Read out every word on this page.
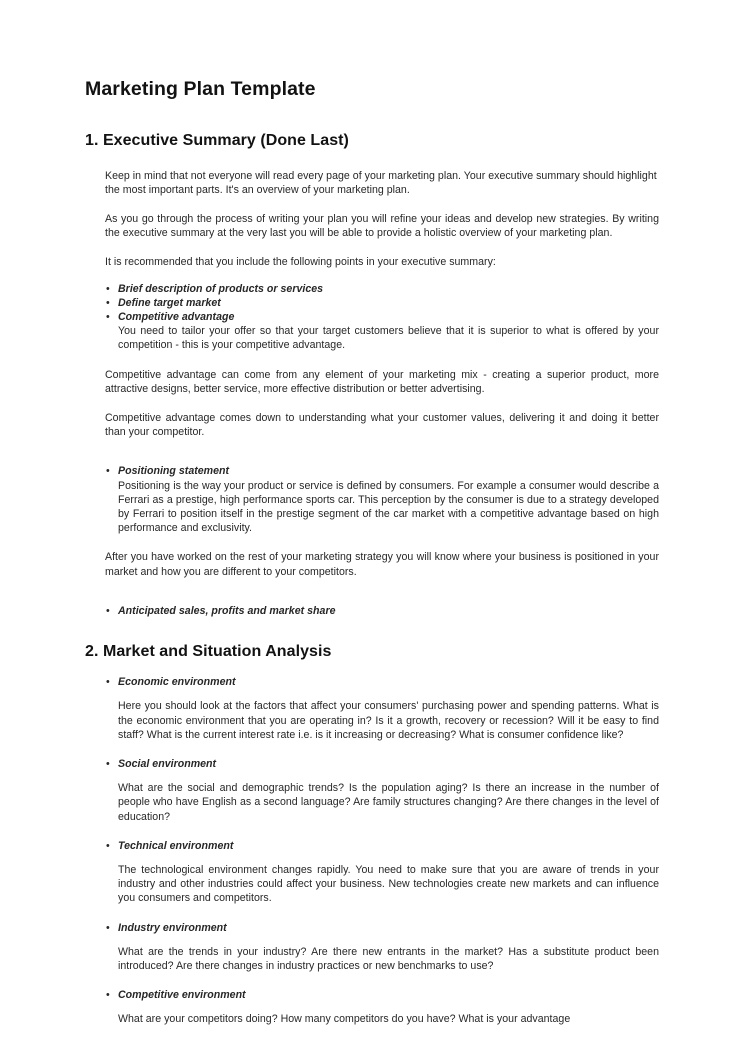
Marketing Plan Template
1. Executive Summary (Done Last)

Keep in mind that not everyone will read every page of your marketing plan. Your executive summary should highlight the most important parts. It's an overview of your marketing plan.

As you go through the process of writing your plan you will refine your ideas and develop new strategies. By writing the executive summary at the very last you will be able to provide a holistic overview of your marketing plan.

It is recommended that you include the following points in your executive summary:

• Brief description of products or services
• Define target market
• Competitive advantage
You need to tailor your offer so that your target customers believe that it is superior to what is offered by your competition - this is your competitive advantage.

Competitive advantage can come from any element of your marketing mix - creating a superior product, more attractive designs, better service, more effective distribution or better advertising.

Competitive advantage comes down to understanding what your customer values, delivering it and doing it better than your competitor.

• Positioning statement
Positioning is the way your product or service is defined by consumers. For example a consumer would describe a Ferrari as a prestige, high performance sports car. This perception by the consumer is due to a strategy developed by Ferrari to position itself in the prestige segment of the car market with a competitive advantage based on high performance and exclusivity.

After you have worked on the rest of your marketing strategy you will know where your business is positioned in your market and how you are different to your competitors.

• Anticipated sales, profits and market share
2. Market and Situation Analysis
• Economic environment

Here you should look at the factors that affect your consumers' purchasing power and spending patterns. What is the economic environment that you are operating in? Is it a growth, recovery or recession? Will it be easy to find staff? What is the current interest rate i.e. is it increasing or decreasing? What is consumer confidence like?

• Social environment

What are the social and demographic trends? Is the population aging? Is there an increase in the number of people who have English as a second language? Are family structures changing? Are there changes in the level of education?

• Technical environment

The technological environment changes rapidly. You need to make sure that you are aware of trends in your industry and other industries could affect your business. New technologies create new markets and can influence you consumers and competitors.

• Industry environment

What are the trends in your industry? Are there new entrants in the market? Has a substitute product been introduced? Are there changes in industry practices or new benchmarks to use?

• Competitive environment

What are your competitors doing? How many competitors do you have? What is your advantage
